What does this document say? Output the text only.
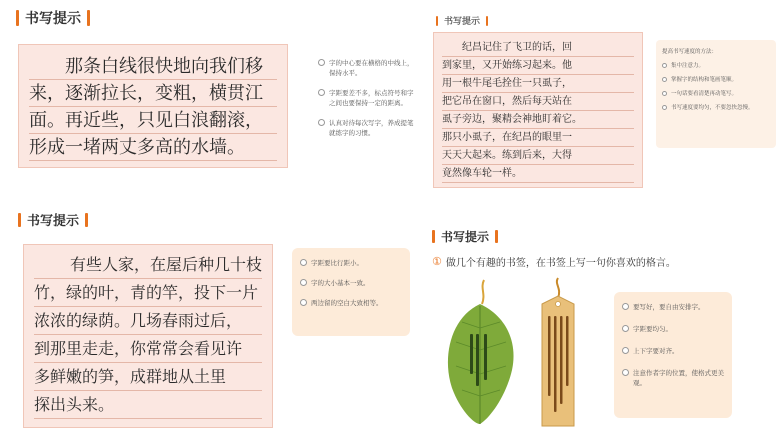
书写提示
那条白线很快地向我们移
来，逐渐拉长，变粗，横贯江
面。再近些，只见白浪翻滚，
形成一堵两丈多高的水墙。
字的中心要在横格的中线上，保持水平。
字距要差不多，标点符号和字之间也要保持一定的距离。
认真对待每次写字，养成提笔就练字的习惯。
书写提示
纪昌记住了飞卫的话，回
到家里，又开始练习起来。他
用一根牛尾毛拴住一只虱子，
把它吊在窗口，然后每天站在
虱子旁边，聚精会神地盯着它。
那只小虱子，在纪昌的眼里一
天天大起来。练到后来，大得
竟然像车轮一样。
提高书写速度的方法：
集中注意力。
掌握字的结构和笔画笔顺。
一句话要看清楚再动笔写。
书写速度要均匀，不要忽快忽慢。
书写提示
有些人家，在屋后种几十枝
竹，绿的叶，青的竿，投下一片
浓浓的绿荫。几场春雨过后，
到那里走走，你常常会看见许
多鲜嫩的笋，成群地从土里
探出头来。
字距要比行距小。
字的大小基本一致。
两边留的空白大致相等。
书写提示
① 做几个有趣的书签，在书签上写一句你喜欢的格言。
要写好，要自由安排字。
字距要均匀。
上下字要对齐。
注意作者字的位置，使格式更美观。
